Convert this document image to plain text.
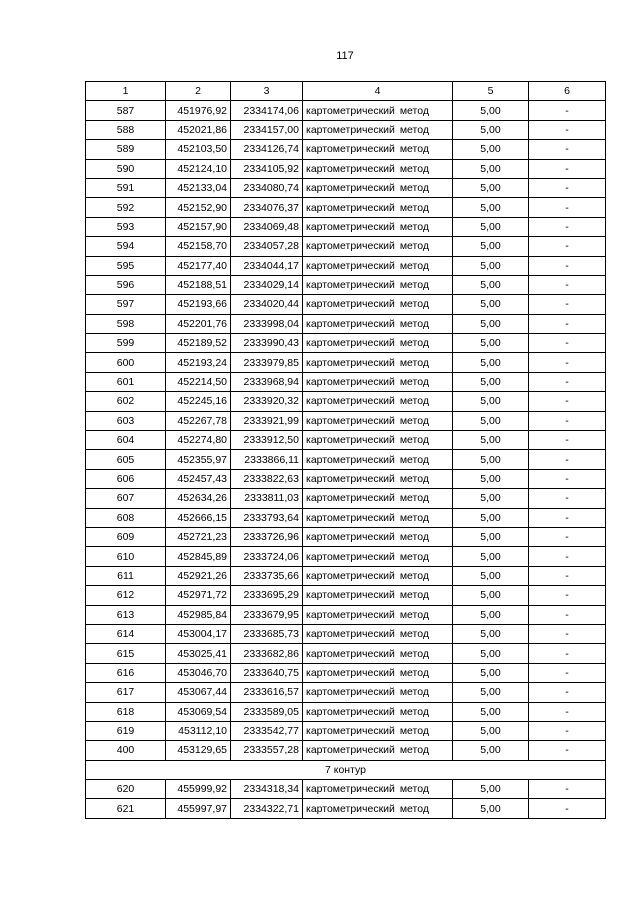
117
1	2	3	4	5	6
587	451976,92	2334174,06	картометрический метод	5,00	-
588	452021,86	2334157,00	картометрический метод	5,00	-
589	452103,50	2334126,74	картометрический метод	5,00	-
590	452124,10	2334105,92	картометрический метод	5,00	-
591	452133,04	2334080,74	картометрический метод	5,00	-
592	452152,90	2334076,37	картометрический метод	5,00	-
593	452157,90	2334069,48	картометрический метод	5,00	-
594	452158,70	2334057,28	картометрический метод	5,00	-
595	452177,40	2334044,17	картометрический метод	5,00	-
596	452188,51	2334029,14	картометрический метод	5,00	-
597	452193,66	2334020,44	картометрический метод	5,00	-
598	452201,76	2333998,04	картометрический метод	5,00	-
599	452189,52	2333990,43	картометрический метод	5,00	-
600	452193,24	2333979,85	картометрический метод	5,00	-
601	452214,50	2333968,94	картометрический метод	5,00	-
602	452245,16	2333920,32	картометрический метод	5,00	-
603	452267,78	2333921,99	картометрический метод	5,00	-
604	452274,80	2333912,50	картометрический метод	5,00	-
605	452355,97	2333866,11	картометрический метод	5,00	-
606	452457,43	2333822,63	картометрический метод	5,00	-
607	452634,26	2333811,03	картометрический метод	5,00	-
608	452666,15	2333793,64	картометрический метод	5,00	-
609	452721,23	2333726,96	картометрический метод	5,00	-
610	452845,89	2333724,06	картометрический метод	5,00	-
611	452921,26	2333735,66	картометрический метод	5,00	-
612	452971,72	2333695,29	картометрический метод	5,00	-
613	452985,84	2333679,95	картометрический метод	5,00	-
614	453004,17	2333685,73	картометрический метод	5,00	-
615	453025,41	2333682,86	картометрический метод	5,00	-
616	453046,70	2333640,75	картометрический метод	5,00	-
617	453067,44	2333616,57	картометрический метод	5,00	-
618	453069,54	2333589,05	картометрический метод	5,00	-
619	453112,10	2333542,77	картометрический метод	5,00	-
400	453129,65	2333557,28	картометрический метод	5,00	-
7 контур					
620	455999,92	2334318,34	картометрический метод	5,00	-
621	455997,97	2334322,71	картометрический метод	5,00	-
